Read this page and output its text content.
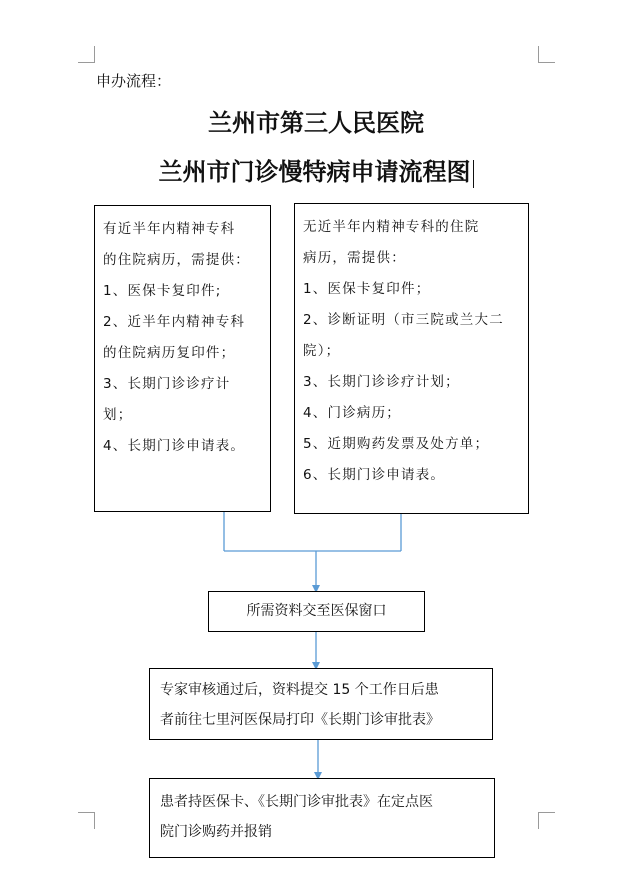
申办流程：
兰州市第三人民医院
兰州市门诊慢特病申请流程图

有近半年内精神专科

的住院病历，需提供：

1、医保卡复印件;

2、近半年内精神专科

的住院病历复印件；

3、长期门诊诊疗计

划；

4、长期门诊申请表。

无近半年内精神专科的住院

病历，需提供：

1、医保卡复印件；

2、诊断证明（市三院或兰大二

院）；

3、长期门诊诊疗计划；

4、门诊病历；

5、近期购药发票及处方单；

6、长期门诊申请表。

所需资料交至医保窗口
专家审核通过后，资料提交 15 个工作日后患
者前往七里河医保局打印《长期门诊审批表》
患者持医保卡、《长期门诊审批表》在定点医
院门诊购药并报销
